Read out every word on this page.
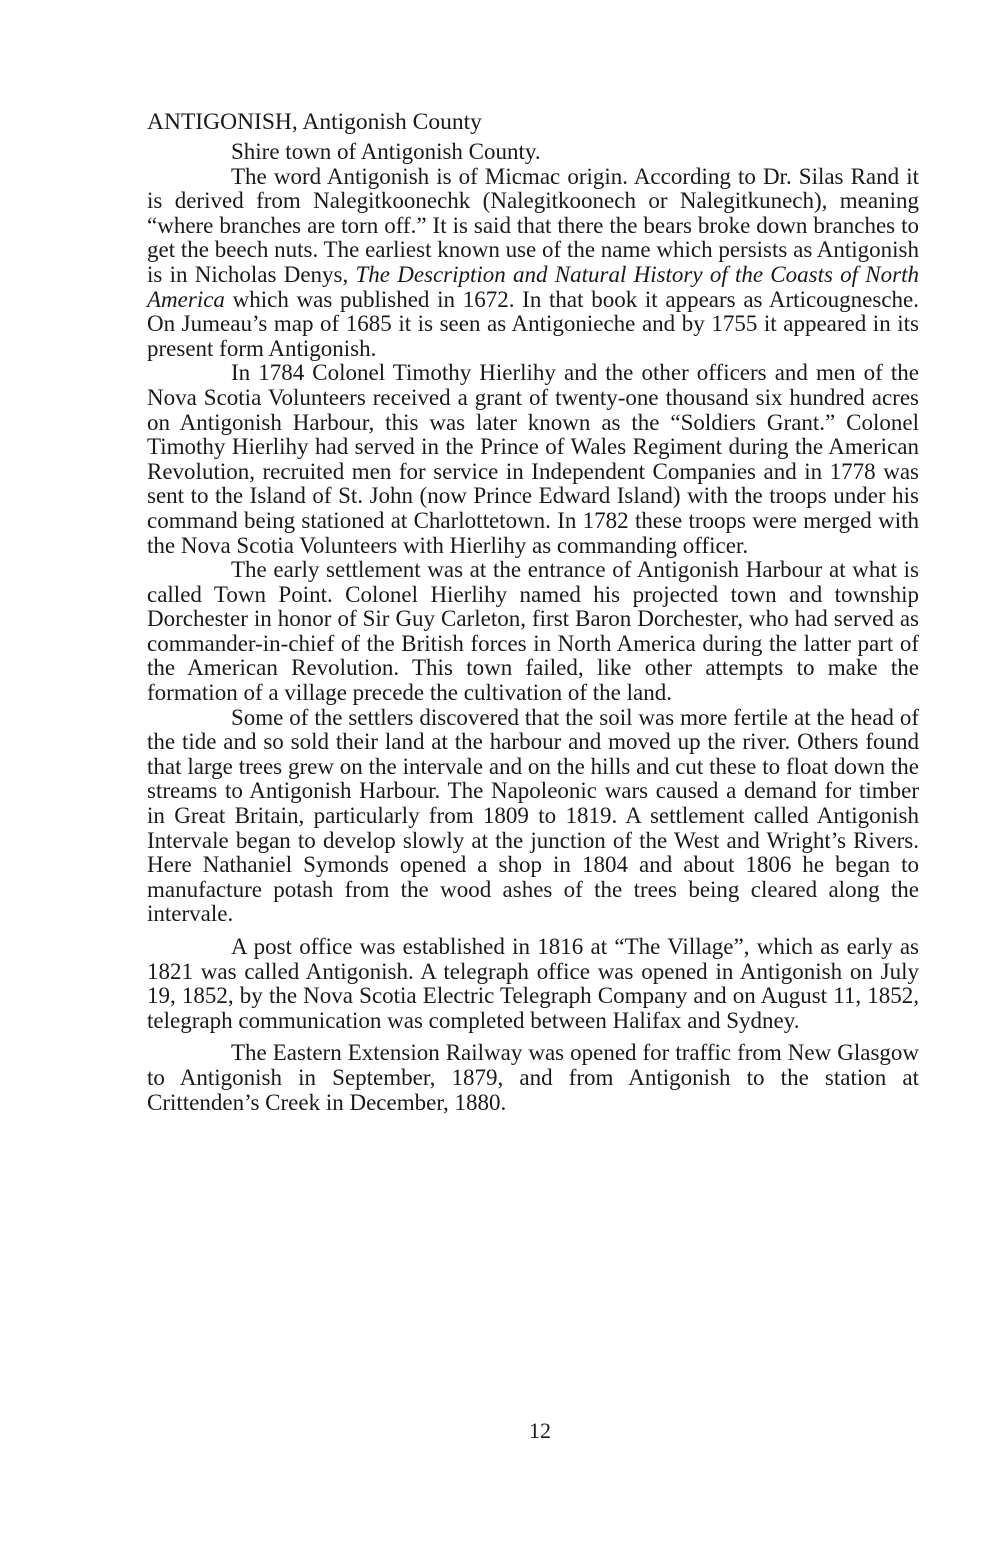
ANTIGONISH, Antigonish County

Shire town of Antigonish County.

The word Antigonish is of Micmac origin. According to Dr. Silas Rand it is derived from Nalegitkoonechk (Nalegitkoonech or Nalegitkunech), meaning “where branches are torn off.” It is said that there the bears broke down branches to get the beech nuts. The earliest known use of the name which persists as Antigonish is in Nicholas Denys, The Description and Natural History of the Coasts of North America which was published in 1672. In that book it appears as Articougnesche. On Jumeau’s map of 1685 it is seen as Antigonieche and by 1755 it appeared in its present form Antigonish.

In 1784 Colonel Timothy Hierlihy and the other officers and men of the Nova Scotia Volunteers received a grant of twenty-one thousand six hundred acres on Antigonish Harbour, this was later known as the “Soldiers Grant.” Colonel Timothy Hierlihy had served in the Prince of Wales Regiment during the American Revolution, recruited men for service in Independent Companies and in 1778 was sent to the Island of St. John (now Prince Edward Island) with the troops under his command being stationed at Charlottetown. In 1782 these troops were merged with the Nova Scotia Volunteers with Hierlihy as commanding officer.

The early settlement was at the entrance of Antigonish Harbour at what is called Town Point. Colonel Hierlihy named his projected town and township Dorchester in honor of Sir Guy Carleton, first Baron Dorchester, who had served as commander-in-chief of the British forces in North America during the latter part of the American Revolution. This town failed, like other attempts to make the formation of a village precede the cultivation of the land.

Some of the settlers discovered that the soil was more fertile at the head of the tide and so sold their land at the harbour and moved up the river. Others found that large trees grew on the intervale and on the hills and cut these to float down the streams to Antigonish Harbour. The Napoleonic wars caused a demand for timber in Great Britain, particularly from 1809 to 1819. A settlement called Antigonish Intervale began to develop slowly at the junction of the West and Wright’s Rivers. Here Nathaniel Symonds opened a shop in 1804 and about 1806 he began to manufacture potash from the wood ashes of the trees being cleared along the intervale.

A post office was established in 1816 at “The Village”, which as early as 1821 was called Antigonish. A telegraph office was opened in Antigonish on July 19, 1852, by the Nova Scotia Electric Telegraph Company and on August 11, 1852, telegraph communication was completed between Halifax and Sydney.

The Eastern Extension Railway was opened for traffic from New Glasgow to Antigonish in September, 1879, and from Antigonish to the station at Crittenden’s Creek in December, 1880.

12
